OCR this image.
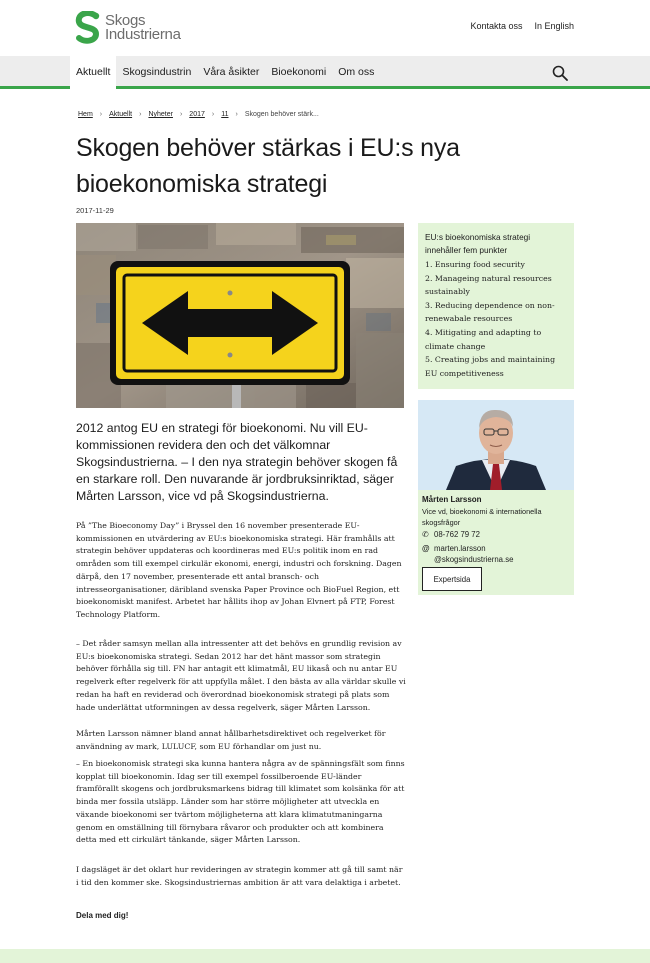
Skogs
Industrierna	Kontakta oss In English
Aktuellt	Skogsindustrin	Våra åsikter	Bioekonomi	Om oss
Hem › Aktuellt › Nyheter › 2017 › 11 › Skogen behöver stärk...
Skogen behöver stärkas i EU:s nya bioekonomiska strategi
2017-11-29

2012 antog EU en strategi för bioekonomi. Nu vill EU-kommissionen revidera den och det välkomnar Skogsindustrierna. – I den nya strategin behöver skogen få en starkare roll. Den nuvarande är jordbruksinriktad, säger Mårten Larsson, vice vd på Skogsindustrierna.

På ”The Bioeconomy Day” i Bryssel den 16 november presenterade EU-kommissionen en utvärdering av EU:s bioekonomiska strategi. Här framhålls att strategin behöver uppdateras och koordineras med EU:s politik inom en rad områden som till exempel cirkulär ekonomi, energi, industri och forskning. Dagen därpå, den 17 november, presenterade ett antal bransch- och intresseorganisationer, däribland svenska Paper Province och BioFuel Region, ett bioekonomiskt manifest. Arbetet har hållits ihop av Johan Elvnert på FTP, Forest Technology Platform.

– Det råder samsyn mellan alla intressenter att det behövs en grundlig revision av EU:s bioekonomiska strategi. Sedan 2012 har det hänt massor som strategin behöver förhålla sig till. FN har antagit ett klimatmål, EU likaså och nu antar EU regelverk efter regelverk för att uppfylla målet. I den bästa av alla världar skulle vi redan ha haft en reviderad och överordnad bioekonomisk strategi på plats som hade underlättat utformningen av dessa regelverk, säger Mårten Larsson.

Mårten Larsson nämner bland annat hållbarhetsdirektivet och regelverket för användning av mark, LULUCF, som EU förhandlar om just nu.

– En bioekonomisk strategi ska kunna hantera några av de spänningsfält som finns kopplat till bioekonomin. Idag ser till exempel fossilberoende EU-länder framförallt skogens och jordbruksmarkens bidrag till klimatet som kolsänka för att binda mer fossila utsläpp. Länder som har större möjligheter att utveckla en växande bioekonomi ser tvärtom möjligheterna att klara klimatutmaningarna genom en omställning till förnybara råvaror och produkter och att kombinera detta med ett cirkulärt tänkande, säger Mårten Larsson.

I dagsläget är det oklart hur revideringen av strategin kommer att gå till samt när i tid den kommer ske. Skogsindustriernas ambition är att vara delaktiga i arbetet.

Dela med dig!
EU:s bioekonomiska strategi innehåller fem punkter
1. Ensuring food security
2. Manageing natural resources sustainably
3. Reducing dependence on non-renewabale resources
4. Mitigating and adapting to climate change
5. Creating jobs and maintaining EU competitiveness
Mårten Larsson
Vice vd, bioekonomi & internationella skogsfrågor
✆ 08-762 79 72
@ marten.larsson
@skogsindustrierna.se
Expertsida
